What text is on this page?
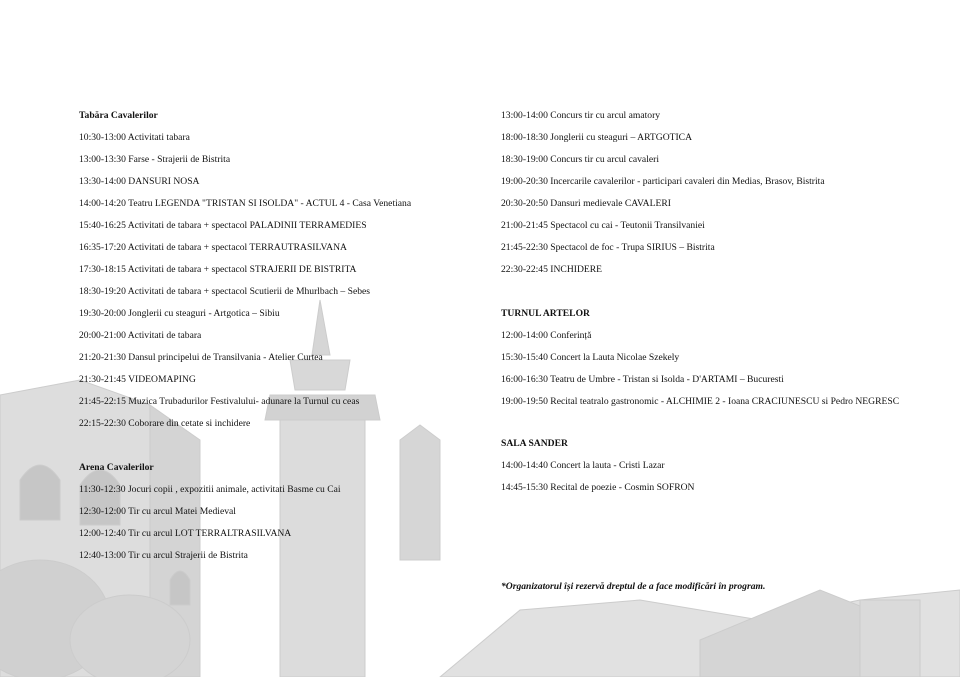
Tabăra Cavalerilor
10:30-13:00 Activitati tabara
13:00-13:30 Farse - Strajerii de Bistrita
13:30-14:00 DANSURI NOSA
14:00-14:20 Teatru LEGENDA "TRISTAN SI ISOLDA" - ACTUL 4 - Casa Venetiana
15:40-16:25 Activitati de tabara + spectacol PALADINII TERRAMEDIES
16:35-17:20 Activitati de tabara + spectacol TERRAUTRASILVANA
17:30-18:15 Activitati de tabara + spectacol STRAJERII DE BISTRITA
18:30-19:20 Activitati de tabara + spectacol Scutierii de Mhurlbach – Sebes
19:30-20:00 Jonglerii cu steaguri - Artgotica – Sibiu
20:00-21:00 Activitati de tabara
21:20-21:30 Dansul principelui de Transilvania - Atelier Curtea
21:30-21:45 VIDEOMAPING
21:45-22:15 Muzica Trubadurilor Festivalului- adunare la Turnul cu ceas
22:15-22:30 Coborare din cetate si inchidere
Arena Cavalerilor
11:30-12:30 Jocuri copii , expozitii animale, activitati Basme cu Cai
12:30-12:00 Tir cu arcul Matei Medieval
12:00-12:40 Tir cu arcul LOT TERRALTRASILVANA
12:40-13:00 Tir cu arcul Strajerii de Bistrita
13:00-14:00 Concurs tir cu arcul amatory
18:00-18:30 Jonglerii cu steaguri – ARTGOTICA
18:30-19:00 Concurs tir cu arcul cavaleri
19:00-20:30 Incercarile cavalerilor - participari cavaleri din Medias, Brasov, Bistrita
20:30-20:50 Dansuri medievale CAVALERI
21:00-21:45 Spectacol cu cai - Teutonii Transilvaniei
21:45-22:30 Spectacol de foc - Trupa SIRIUS – Bistrita
22:30-22:45 INCHIDERE
TURNUL ARTELOR
12:00-14:00 Conferință
15:30-15:40 Concert la Lauta Nicolae Szekely
16:00-16:30 Teatru de Umbre - Tristan si Isolda - D'ARTAMI – Bucuresti
19:00-19:50 Recital teatralo gastronomic - ALCHIMIE 2 - Ioana CRACIUNESCU si Pedro NEGRESC
SALA SANDER
14:00-14:40 Concert la lauta - Cristi Lazar
14:45-15:30 Recital de poezie - Cosmin SOFRON
*Organizatorul își rezervă dreptul de a face modificări în program.
